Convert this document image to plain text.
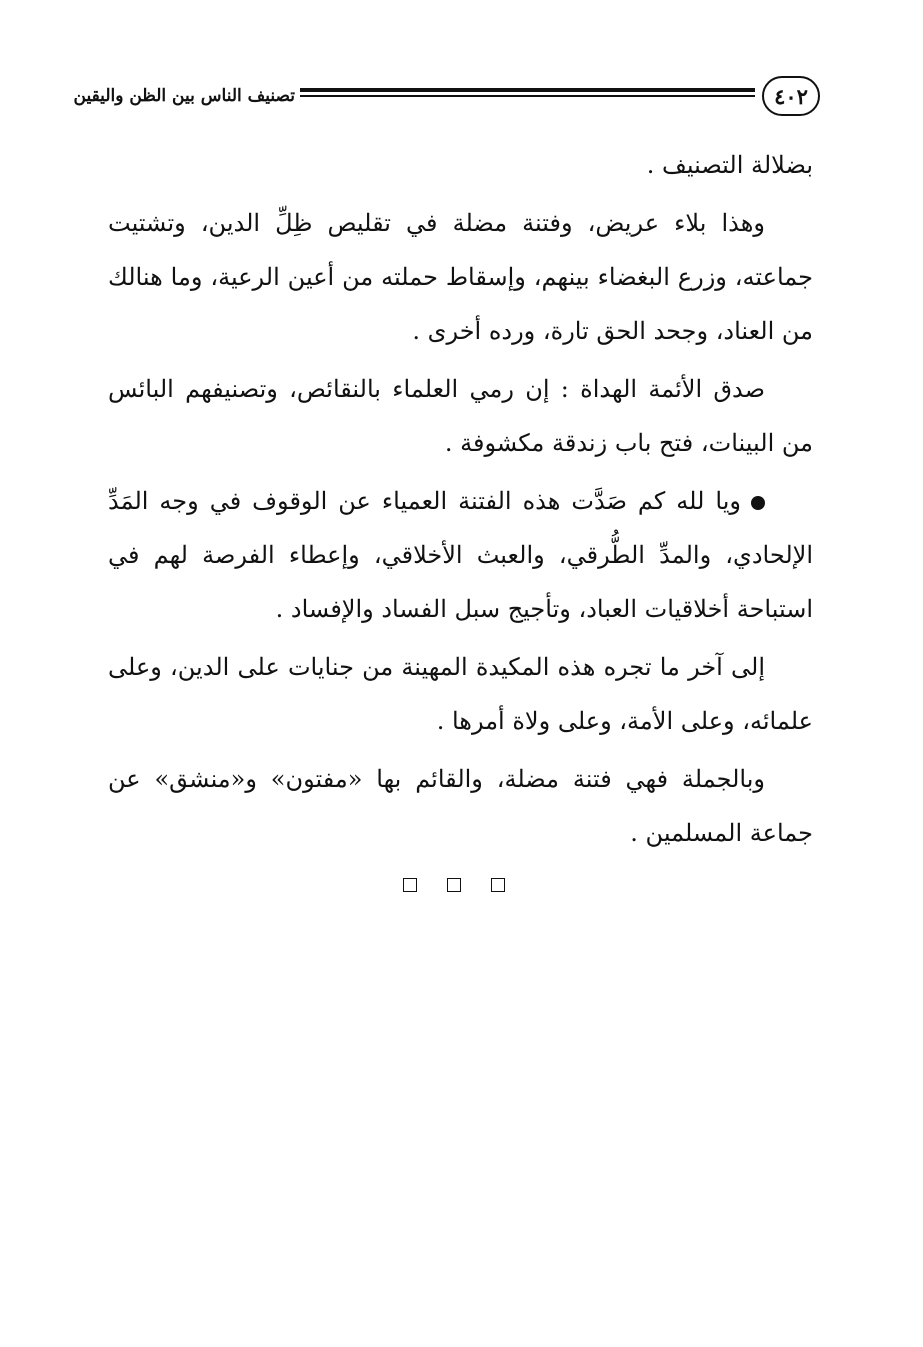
٤٠٢
تصنيف الناس بين الظن واليقين

بضلالة التصنيف .

وهذا بلاء عريض، وفتنة مضلة في تقليص ظِلِّ الدين، وتشتيت جماعته، وزرع البغضاء بينهم، وإسقاط حملته من أعين الرعية، وما هنالك من العناد، وجحد الحق تارة، ورده أخرى .

صدق الأئمة الهداة : إن رمي العلماء بالنقائص، وتصنيفهم البائس من البينات، فتح باب زندقة مكشوفة .

ويا لله كم صَدَّت هذه الفتنة العمياء عن الوقوف في وجه المَدِّ الإلحادي، والمدِّ الطُّرقي، والعبث الأخلاقي، وإعطاء الفرصة لهم في استباحة أخلاقيات العباد، وتأجيج سبل الفساد والإفساد .

إلى آخر ما تجره هذه المكيدة المهينة من جنايات على الدين، وعلى علمائه، وعلى الأمة، وعلى ولاة أمرها .

وبالجملة فهي فتنة مضلة، والقائم بها «مفتون» و«منشق» عن جماعة المسلمين .
